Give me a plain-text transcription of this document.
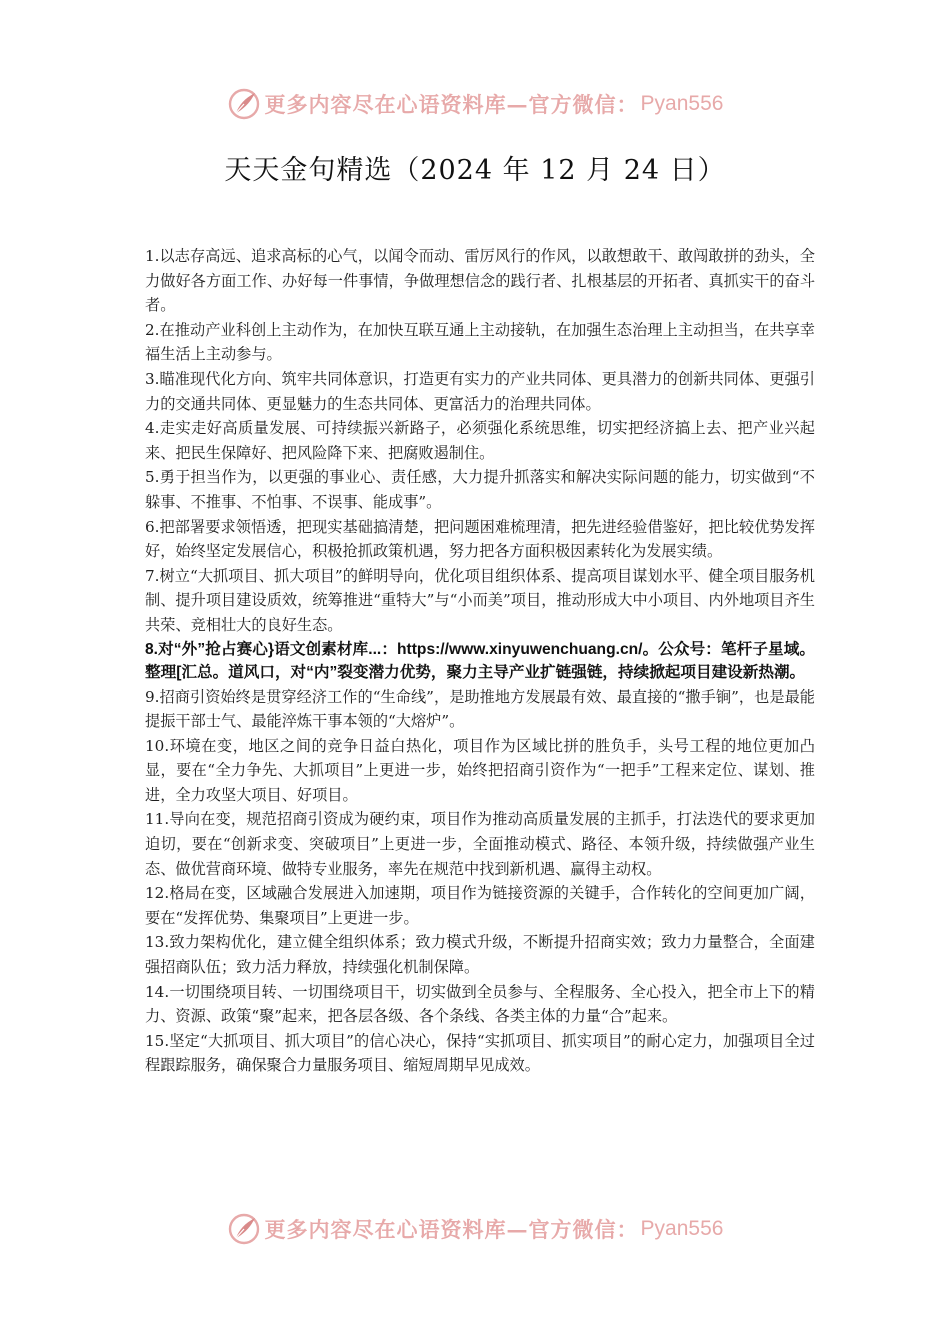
更多内容尽在心语资料库—官方微信： Pyan556
天天金句精选（2024 年 12 月 24 日）

1.以志存高远、追求高标的心气，以闻令而动、雷厉风行的作风，以敢想敢干、敢闯敢拼的劲头，全力做好各方面工作、办好每一件事情，争做理想信念的践行者、扎根基层的开拓者、真抓实干的奋斗者。

2.在推动产业科创上主动作为，在加快互联互通上主动接轨，在加强生态治理上主动担当，在共享幸福生活上主动参与。

3.瞄准现代化方向、筑牢共同体意识，打造更有实力的产业共同体、更具潜力的创新共同体、更强引力的交通共同体、更显魅力的生态共同体、更富活力的治理共同体。

4.走实走好高质量发展、可持续振兴新路子，必须强化系统思维，切实把经济搞上去、把产业兴起来、把民生保障好、把风险降下来、把腐败遏制住。

5.勇于担当作为，以更强的事业心、责任感，大力提升抓落实和解决实际问题的能力，切实做到“不躲事、不推事、不怕事、不误事、能成事”。

6.把部署要求领悟透，把现实基础搞清楚，把问题困难梳理清，把先进经验借鉴好，把比较优势发挥好，始终坚定发展信心，积极抢抓政策机遇，努力把各方面积极因素转化为发展实绩。

7.树立“大抓项目、抓大项目”的鲜明导向，优化项目组织体系、提高项目谋划水平、健全项目服务机制、提升项目建设质效，统筹推进“重特大”与“小而美”项目，推动形成大中小项目、内外地项目齐生共荣、竞相壮大的良好生态。

8.对“外”抢占赛心}语文创素材库...：https://www.xinyuwenchuang.cn/。公众号：笔杆子星域。整理[汇总。道风口，对“内”裂变潜力优势，聚力主导产业扩链强链，持续掀起项目建设新热潮。

9.招商引资始终是贯穿经济工作的“生命线”，是助推地方发展最有效、最直接的“撒手锏”，也是最能提振干部士气、最能淬炼干事本领的“大熔炉”。

10.环境在变，地区之间的竞争日益白热化，项目作为区域比拼的胜负手，头号工程的地位更加凸显，要在“全力争先、大抓项目”上更进一步，始终把招商引资作为“一把手”工程来定位、谋划、推进，全力攻坚大项目、好项目。

11.导向在变，规范招商引资成为硬约束，项目作为推动高质量发展的主抓手，打法迭代的要求更加迫切，要在“创新求变、突破项目”上更进一步，全面推动模式、路径、本领升级，持续做强产业生态、做优营商环境、做特专业服务，率先在规范中找到新机遇、赢得主动权。

12.格局在变，区域融合发展进入加速期，项目作为链接资源的关键手，合作转化的空间更加广阔，要在“发挥优势、集聚项目”上更进一步。

13.致力架构优化，建立健全组织体系；致力模式升级，不断提升招商实效；致力力量整合，全面建强招商队伍；致力活力释放，持续强化机制保障。

14.一切围绕项目转、一切围绕项目干，切实做到全员参与、全程服务、全心投入，把全市上下的精力、资源、政策“聚”起来，把各层各级、各个条线、各类主体的力量“合”起来。

15.坚定“大抓项目、抓大项目”的信心决心，保持“实抓项目、抓实项目”的耐心定力，加强项目全过程跟踪服务，确保聚合力量服务项目、缩短周期早见成效。

更多内容尽在心语资料库—官方微信： Pyan556
